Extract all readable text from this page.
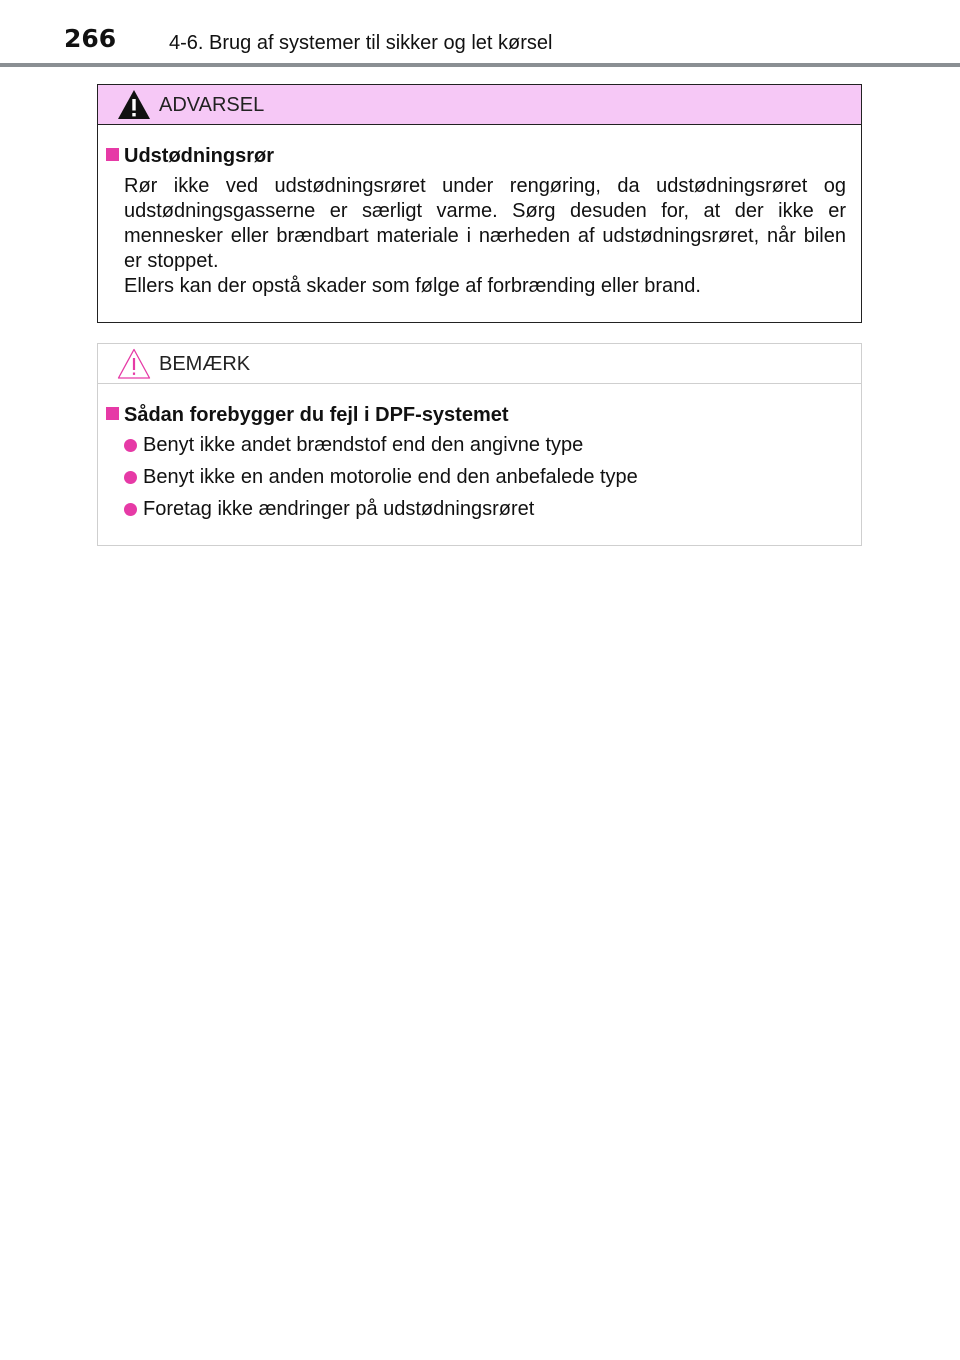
266	4-6. Brug af systemer til sikker og let kørsel
ADVARSEL
Udstødningsrør

Rør ikke ved udstødningsrøret under rengøring, da udstødningsrøret og udstødningsgasserne er særligt varme. Sørg desuden for, at der ikke er mennesker eller brændbart materiale i nærheden af udstødningsrøret, når bilen er stoppet.

Ellers kan der opstå skader som følge af forbrænding eller brand.

BEMÆRK
Sådan forebygger du fejl i DPF-systemet
Benyt ikke andet brændstof end den angivne type
Benyt ikke en anden motorolie end den anbefalede type
Foretag ikke ændringer på udstødningsrøret
